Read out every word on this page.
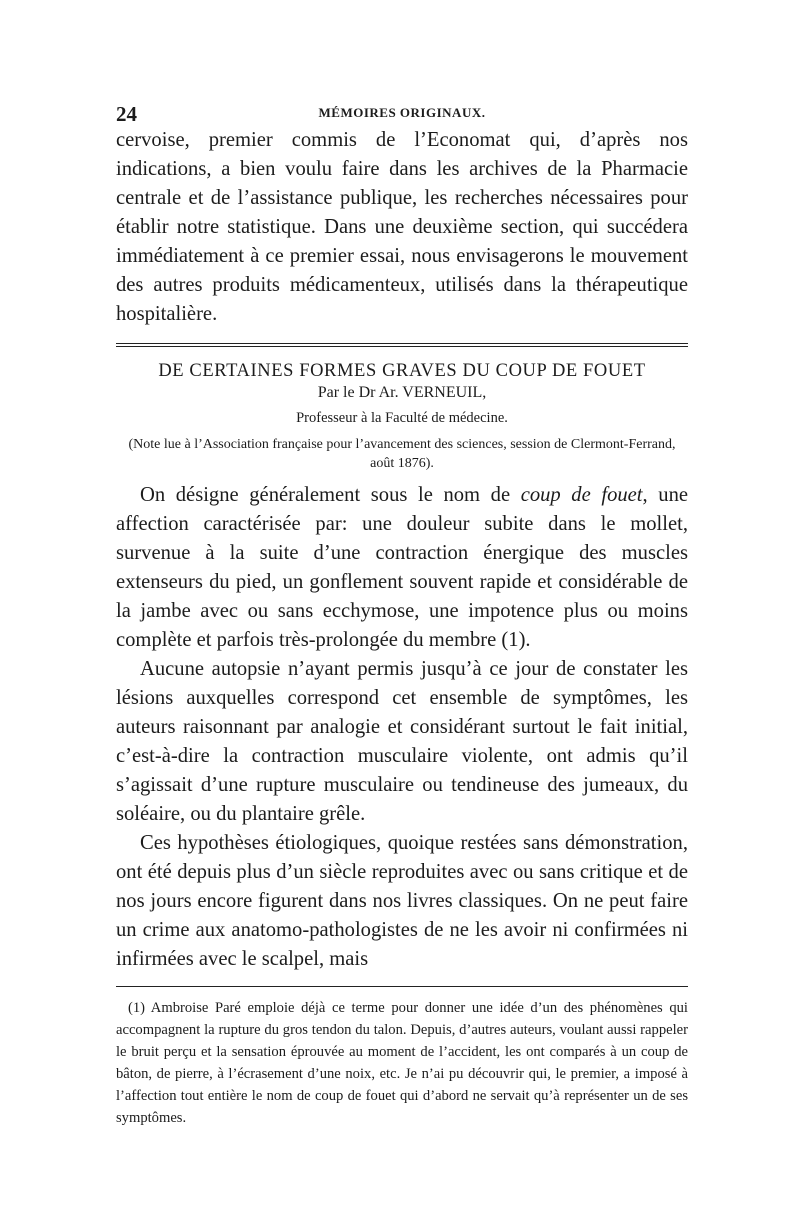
24	MÉMOIRES ORIGINAUX.

cervoise, premier commis de l’Economat qui, d’après nos indications, a bien voulu faire dans les archives de la Pharmacie centrale et de l’assistance publique, les recherches nécessaires pour établir notre statistique. Dans une deuxième section, qui succédera immédiatement à ce premier essai, nous envisagerons le mouvement des autres produits médicamenteux, utilisés dans la thérapeutique hospitalière.

DE CERTAINES FORMES GRAVES DU COUP DE FOUET
Par le Dr Ar. VERNEUIL,
Professeur à la Faculté de médecine.
(Note lue à l’Association française pour l’avancement des sciences, session de Clermont-Ferrand, août 1876).

On désigne généralement sous le nom de coup de fouet, une affection caractérisée par: une douleur subite dans le mollet, survenue à la suite d’une contraction énergique des muscles extenseurs du pied, un gonflement souvent rapide et considérable de la jambe avec ou sans ecchymose, une impotence plus ou moins complète et parfois très-prolongée du membre (1).

Aucune autopsie n’ayant permis jusqu’à ce jour de constater les lésions auxquelles correspond cet ensemble de symptômes, les auteurs raisonnant par analogie et considérant surtout le fait initial, c’est-à-dire la contraction musculaire violente, ont admis qu’il s’agissait d’une rupture musculaire ou tendineuse des jumeaux, du soléaire, ou du plantaire grêle.

Ces hypothèses étiologiques, quoique restées sans démonstration, ont été depuis plus d’un siècle reproduites avec ou sans critique et de nos jours encore figurent dans nos livres classiques. On ne peut faire un crime aux anatomo-pathologistes de ne les avoir ni confirmées ni infirmées avec le scalpel, mais

(1) Ambroise Paré emploie déjà ce terme pour donner une idée d’un des phénomènes qui accompagnent la rupture du gros tendon du talon. Depuis, d’autres auteurs, voulant aussi rappeler le bruit perçu et la sensation éprouvée au moment de l’accident, les ont comparés à un coup de bâton, de pierre, à l’écrasement d’une noix, etc. Je n’ai pu découvrir qui, le premier, a imposé à l’affection tout entière le nom de coup de fouet qui d’abord ne servait qu’à représenter un de ses symptômes.
